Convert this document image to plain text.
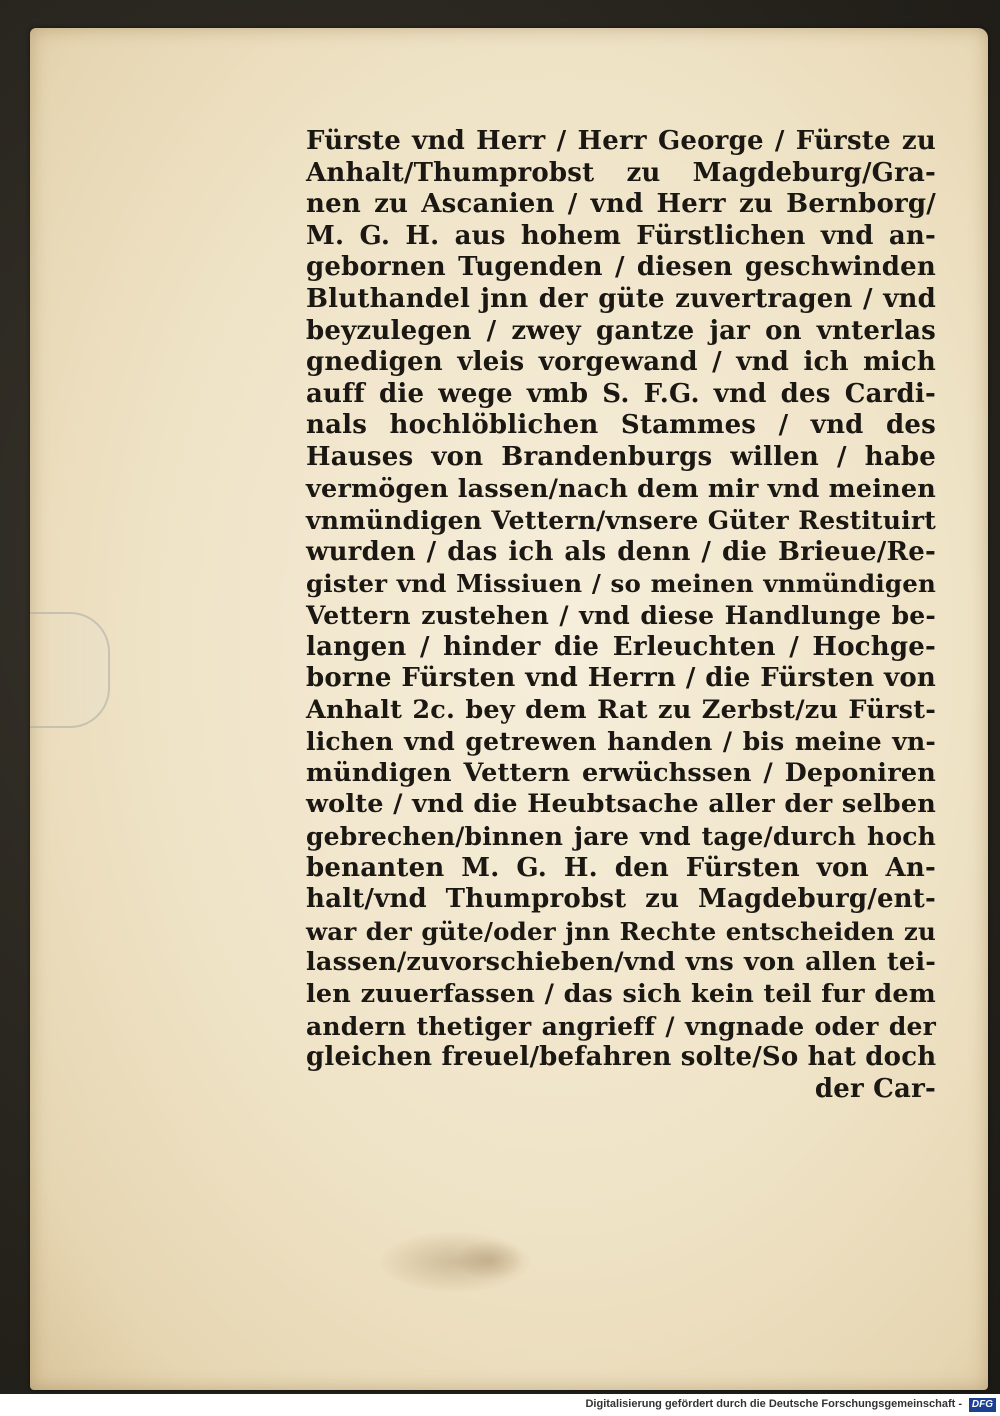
Fürste vnd Herr / Herr George / Fürste zu
Anhalt/Thumprobst zu Magdeburg/Gra-
nen zu Ascanien / vnd Herr zu Bernborg/
M. G. H. aus hohem Fürstlichen vnd an-
gebornen Tugenden / diesen geschwinden
Bluthandel jnn der güte zuvertragen / vnd
beyzulegen / zwey gantze jar on vnterlas
gnedigen vleis vorgewand / vnd ich mich
auff die wege vmb S. F.G. vnd des Cardi-
nals hochlöblichen Stammes / vnd des
Hauses von Brandenburgs willen / habe
vermögen lassen/nach dem mir vnd meinen
vnmündigen Vettern/vnsere Güter Restituirt
wurden / das ich als denn / die Brieue/Re-
gister vnd Missiuen / so meinen vnmündigen
Vettern zustehen / vnd diese Handlunge be-
langen / hinder die Erleuchten / Hochge-
borne Fürsten vnd Herrn / die Fürsten von
Anhalt 2c. bey dem Rat zu Zerbst/zu Fürst-
lichen vnd getrewen handen / bis meine vn-
mündigen Vettern erwüchssen / Deponiren
wolte / vnd die Heubtsache aller der selben
gebrechen/binnen jare vnd tage/durch hoch
benanten M. G. H. den Fürsten von An-
halt/vnd Thumprobst zu Magdeburg/ent-
war der güte/oder jnn Rechte entscheiden zu
lassen/zuvorschieben/vnd vns von allen tei-
len zuuerfassen / das sich kein teil fur dem
andern thetiger angrieff / vngnade oder der
gleichen freuel/befahren solte/So hat doch
der Car-
Digitalisierung gefördert durch die Deutsche Forschungsgemeinschaft - DFG
